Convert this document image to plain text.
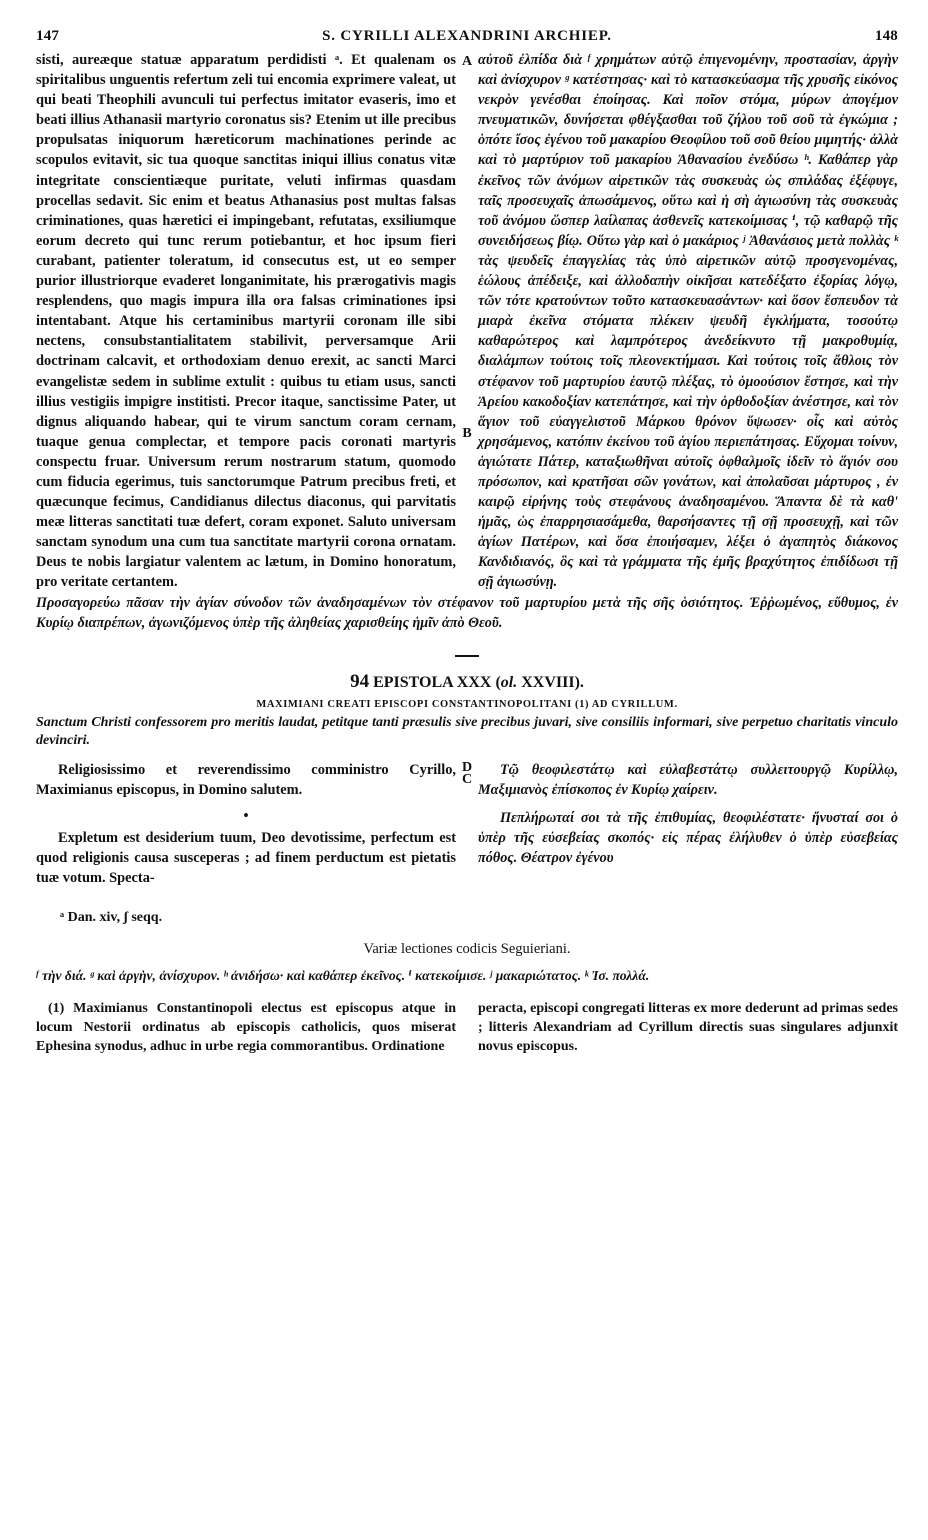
147	S. CYRILLI ALEXANDRINI ARCHIEP.	148

sisti, aureæque statuæ apparatum perdidisti ᵃ. Et qualenam os spiritalibus unguentis refertum zeli tui encomia exprimere valeat, ut qui beati Theophili avunculi tui perfectus imitator evaseris, imo et beati illius Athanasii martyrio coronatus sis? Etenim ut ille precibus propulsatas iniquorum hæreticorum machinationes perinde ac scopulos evitavit, sic tua quoque sanctitas iniqui illius conatus vitæ integritate conscientiæque puritate, veluti infirmas quasdam procellas sedavit. Sic enim et beatus Athanasius post multas falsas criminationes, quas hæretici ei impingebant, refutatas, exsiliumque eorum decreto qui tunc rerum potiebantur, et hoc ipsum fieri curabant, patienter toleratum, id consecutus est, ut eo semper purior illustriorque evaderet longanimitate, his prærogativis magis resplendens, quo magis impura illa ora falsas criminationes ipsi intentabant. Atque his certaminibus martyrii coronam ille sibi nectens, consubstantialitatem stabilivit, perversamque Arii doctrinam calcavit, et orthodoxiam denuo erexit, ac sancti Marci evangelistæ sedem in sublime extulit : quibus tu etiam usus, sancti illius vestigiis impigre institisti. Precor itaque, sanctissime Pater, ut dignus aliquando habear, qui te virum sanctum coram cernam, tuaque genua complectar, et tempore pacis coronati martyris conspectu fruar. Universum rerum nostrarum statum, quomodo cum fiducia egerimus, tuis sanctorumque Patrum precibus freti, et quæcunque fecimus, Candidianus dilectus diaconus, qui parvitatis meæ litteras sanctitati tuæ defert, coram exponet. Saluto universam sanctam synodum una cum tua sanctitate martyrii corona ornatam. Deus te nobis largiatur valentem ac lætum, in Domino honoratum, pro veritate certantem.

A
B
C

αὐτοῦ ἐλπίδα διὰ ᶠ χρημάτων αὐτῷ ἐπιγενομένην, προστασίαν, ἀργὴν καὶ ἀνίσχυρον ᵍ κατέστησας· καὶ τὸ κατασκεύασμα τῆς χρυσῆς εἰκόνος νεκρὸν γενέσθαι ἐποίησας. Καὶ ποῖον στόμα, μύρων ἀπογέμον πνευματικῶν, δυνήσεται φθέγξασθαι τοῦ ζήλου τοῦ σοῦ τὰ ἐγκώμια ; ὁπότε ἴσος ἐγένου τοῦ μακαρίου Θεοφίλου τοῦ σοῦ θείου μιμητής· ἀλλὰ καὶ τὸ μαρτύριον τοῦ μακαρίου Ἀθανασίου ἐνεδύσω ʰ. Καθάπερ γὰρ ἐκεῖνος τῶν ἀνόμων αἱρετικῶν τὰς συσκευὰς ὡς σπιλάδας ἐξέφυγε, ταῖς προσευχαῖς ἀπωσάμενος, οὕτω καὶ ἡ σὴ ἁγιωσύνη τὰς συσκευὰς τοῦ ἀνόμου ὥσπερ λαίλαπας ἀσθενεῖς κατεκοίμισας ⁱ, τῷ καθαρῷ τῆς συνειδήσεως βίῳ. Οὕτω γὰρ καὶ ὁ μακάριος ʲ Ἀθανάσιος μετὰ πολλὰς ᵏ τὰς ψευδεῖς ἐπαγγελίας τὰς ὑπὸ αἱρετικῶν αὐτῷ προσγενομένας, ἑώλους ἀπέδειξε, καὶ ἀλλοδαπὴν οἰκῆσαι κατεδέξατο ἐξορίας λόγῳ, τῶν τότε κρατούντων τοῦτο κατασκευασάντων· καὶ ὅσον ἔσπευδον τὰ μιαρὰ ἐκεῖνα στόματα πλέκειν ψευδῆ ἐγκλήματα, τοσούτῳ καθαρώτερος καὶ λαμπρότερος ἀνεδείκνυτο τῇ μακροθυμίᾳ, διαλάμπων τούτοις τοῖς πλεονεκτήμασι. Καὶ τούτοις τοῖς ἄθλοις τὸν στέφανον τοῦ μαρτυρίου ἑαυτῷ πλέξας, τὸ ὁμοούσιον ἔστησε, καὶ τὴν Ἀρείου κακοδοξίαν κατεπάτησε, καὶ τὴν ὀρθοδοξίαν ἀνέστησε, καὶ τὸν ἅγιον τοῦ εὐαγγελιστοῦ Μάρκου θρόνον ὕψωσεν· οἷς καὶ αὐτὸς χρησάμενος, κατόπιν ἐκείνου τοῦ ἁγίου περιεπάτησας. Εὔχομαι τοίνυν, ἁγιώτατε Πάτερ, καταξιωθῆναι αὐτοῖς ὀφθαλμοῖς ἰδεῖν τὸ ἅγιόν σου πρόσωπον, καὶ κρατῆσαι σῶν γονάτων, καὶ ἀπολαῦσαι μάρτυρος , ἐν καιρῷ εἰρήνης τοὺς στεφάνους ἀναδησαμένου. Ἅπαντα δὲ τὰ καθ' ἡμᾶς, ὡς ἐπαρρησιασάμεθα, θαρσήσαντες τῇ σῇ προσευχῇ, καὶ τῶν ἁγίων Πατέρων, καὶ ὅσα ἐποιήσαμεν, λέξει ὁ ἀγαπητὸς διάκονος Κανδιδιανός, ὃς καὶ τὰ γράμματα τῆς ἐμῆς βραχύτητος ἐπιδίδωσι τῇ σῇ ἁγιωσύνῃ.

Προσαγορεύω πᾶσαν τὴν ἁγίαν σύνοδον τῶν ἀναδησαμένων τὸν στέφανον τοῦ μαρτυρίου μετὰ τῆς σῆς ὁσιότητος. Ἐῤῥωμένος, εὔθυμος, ἐν Κυρίῳ διαπρέπων, ἀγωνιζόμενος ὑπὲρ τῆς ἀληθείας χαρισθείης ἡμῖν ἀπὸ Θεοῦ.

94 EPISTOLA XXX (ol. XXVIII).

MAXIMIANI CREATI EPISCOPI CONSTANTINOPOLITANI (1) AD CYRILLUM.

Sanctum Christi confessorem pro meritis laudat, petitque tanti præsulis sive precibus juvari, sive consiliis informari, sive perpetuo charitatis vinculo devinciri.

Religiosissimo et reverendissimo comministro Cyrillo, Maximianus episcopus, in Domino salutem.

•

Expletum est desiderium tuum, Deo devotissime, perfectum est quod religionis causa susceperas ; ad finem perductum est pietatis tuæ votum. Specta-

D	Τῷ θεοφιλεστάτῳ καὶ εὐλαβεστάτῳ συλλειτουργῷ Κυρίλλῳ, Μαξιμιανὸς ἐπίσκοπος ἐν Κυρίῳ χαίρειν.

Πεπλήρωταί σοι τὰ τῆς ἐπιθυμίας, θεοφιλέστατε· ἤνυσταί σοι ὁ ὑπὲρ τῆς εὐσεβείας σκοπός· εἰς πέρας ἐλήλυθεν ὁ ὑπὲρ εὐσεβείας πόθος. Θέατρον ἐγένου

ᵃ Dan. xiv, ʃ seqq.

Variæ lectiones codicis Seguieriani.

ᶠ τὴν διά. ᵍ καὶ ἀργὴν, ἀνίσχυρον. ʰ ἀνιδήσω· καὶ καθάπερ ἐκεῖνος. ⁱ κατεκοίμισε. ʲ μακαριώτατος. ᵏ Ἰσ. πολλά.

(1) Maximianus Constantinopoli electus est episcopus atque in locum Nestorii ordinatus ab episcopis catholicis, quos miserat Ephesina synodus, adhuc in urbe regia commorantibus. Ordinatione

peracta, episcopi congregati litteras ex more dederunt ad primas sedes ; litteris Alexandriam ad Cyrillum directis suas singulares adjunxit novus episcopus.
